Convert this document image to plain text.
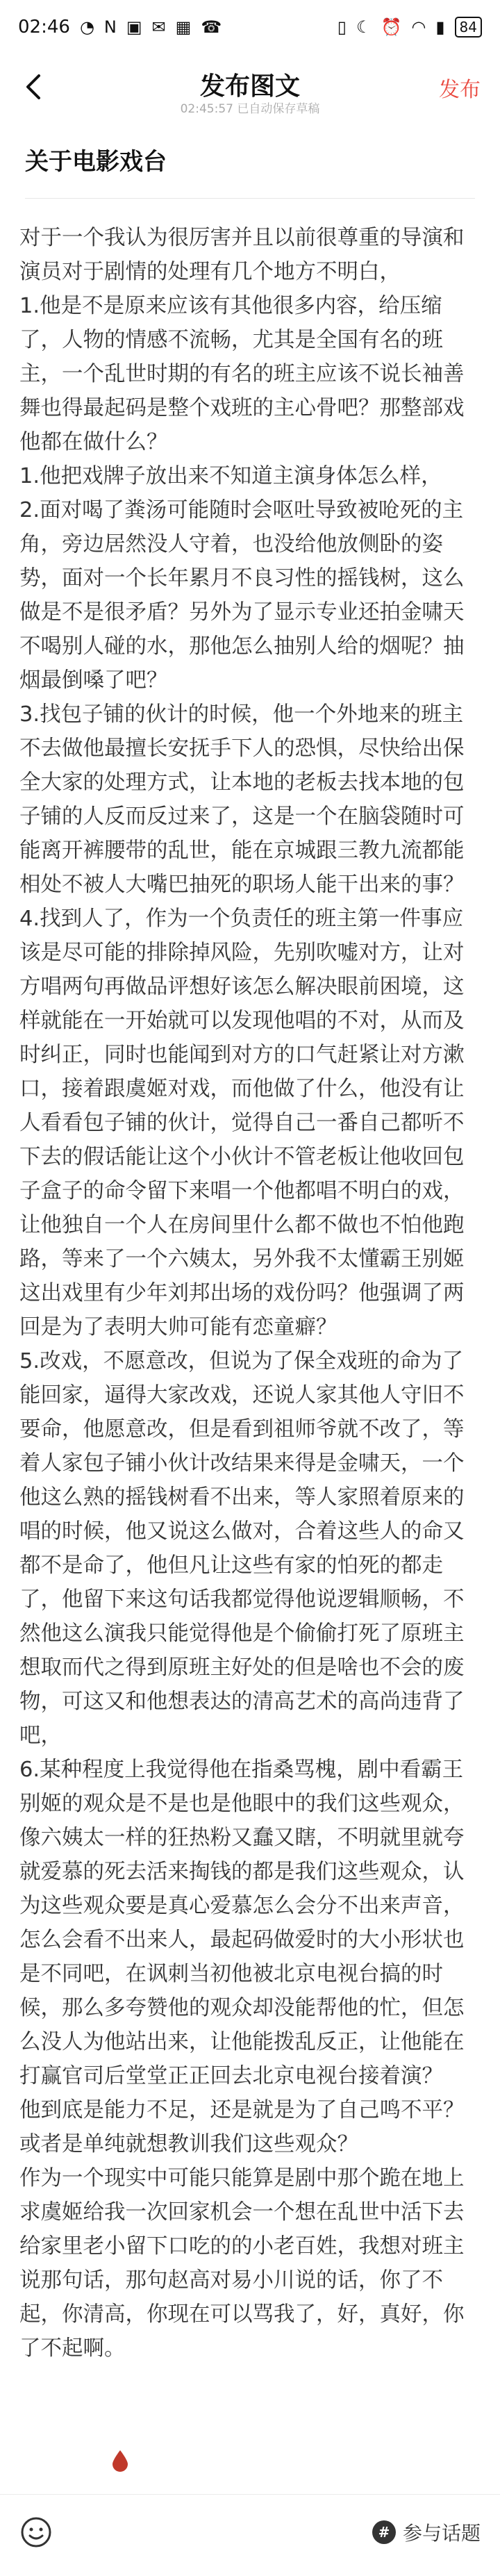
02:46 ◔ N ▣ ✉ ▦ ☎	▯ ☾ ⏰ ◠ ▮	84
发布图文
02:45:57 已自动保存草稿
发布
关于电影戏台

对于一个我认为很厉害并且以前很尊重的导演和演员对于剧情的处理有几个地方不明白，

1.他是不是原来应该有其他很多内容，给压缩了，人物的情感不流畅，尤其是全国有名的班主，一个乱世时期的有名的班主应该不说长袖善舞也得最起码是整个戏班的主心骨吧？那整部戏他都在做什么？

1.他把戏牌子放出来不知道主演身体怎么样，

2.面对喝了粪汤可能随时会呕吐导致被呛死的主角，旁边居然没人守着，也没给他放侧卧的姿势，面对一个长年累月不良习性的摇钱树，这么做是不是很矛盾？另外为了显示专业还拍金啸天不喝别人碰的水，那他怎么抽别人给的烟呢？抽烟最倒嗓了吧？

3.找包子铺的伙计的时候，他一个外地来的班主不去做他最擅长安抚手下人的恐惧，尽快给出保全大家的处理方式，让本地的老板去找本地的包子铺的人反而反过来了，这是一个在脑袋随时可能离开裤腰带的乱世，能在京城跟三教九流都能相处不被人大嘴巴抽死的职场人能干出来的事？

4.找到人了，作为一个负责任的班主第一件事应该是尽可能的排除掉风险，先别吹嘘对方，让对方唱两句再做品评想好该怎么解决眼前困境，这样就能在一开始就可以发现他唱的不对，从而及时纠正，同时也能闻到对方的口气赶紧让对方漱口，接着跟虞姬对戏，而他做了什么，他没有让人看看包子铺的伙计，觉得自己一番自己都听不下去的假话能让这个小伙计不管老板让他收回包子盒子的命令留下来唱一个他都唱不明白的戏，让他独自一个人在房间里什么都不做也不怕他跑路，等来了一个六姨太，另外我不太懂霸王别姬这出戏里有少年刘邦出场的戏份吗？他强调了两回是为了表明大帅可能有恋童癖？

5.改戏，不愿意改，但说为了保全戏班的命为了能回家，逼得大家改戏，还说人家其他人守旧不要命，他愿意改，但是看到祖师爷就不改了，等着人家包子铺小伙计改结果来得是金啸天，一个他这么熟的摇钱树看不出来，等人家照着原来的唱的时候，他又说这么做对，合着这些人的命又都不是命了，他但凡让这些有家的怕死的都走了，他留下来这句话我都觉得他说逻辑顺畅，不然他这么演我只能觉得他是个偷偷打死了原班主想取而代之得到原班主好处的但是啥也不会的废物，可这又和他想表达的清高艺术的高尚违背了吧，

6.某种程度上我觉得他在指桑骂槐，剧中看霸王别姬的观众是不是也是他眼中的我们这些观众，像六姨太一样的狂热粉又蠢又瞎，不明就里就夸就爱慕的死去活来掏钱的都是我们这些观众，认为这些观众要是真心爱慕怎么会分不出来声音，怎么会看不出来人，最起码做爱时的大小形状也是不同吧，在讽刺当初他被北京电视台搞的时候，那么多夸赞他的观众却没能帮他的忙，但怎么没人为他站出来，让他能拨乱反正，让他能在打赢官司后堂堂正正回去北京电视台接着演？

他到底是能力不足，还是就是为了自己鸣不平？或者是单纯就想教训我们这些观众？

作为一个现实中可能只能算是剧中那个跪在地上求虞姬给我一次回家机会一个想在乱世中活下去给家里老小留下口吃的的小老百姓，我想对班主说那句话，那句赵高对易小川说的话，你了不起，你清高，你现在可以骂我了，好，真好，你了不起啊。

# 参与话题
